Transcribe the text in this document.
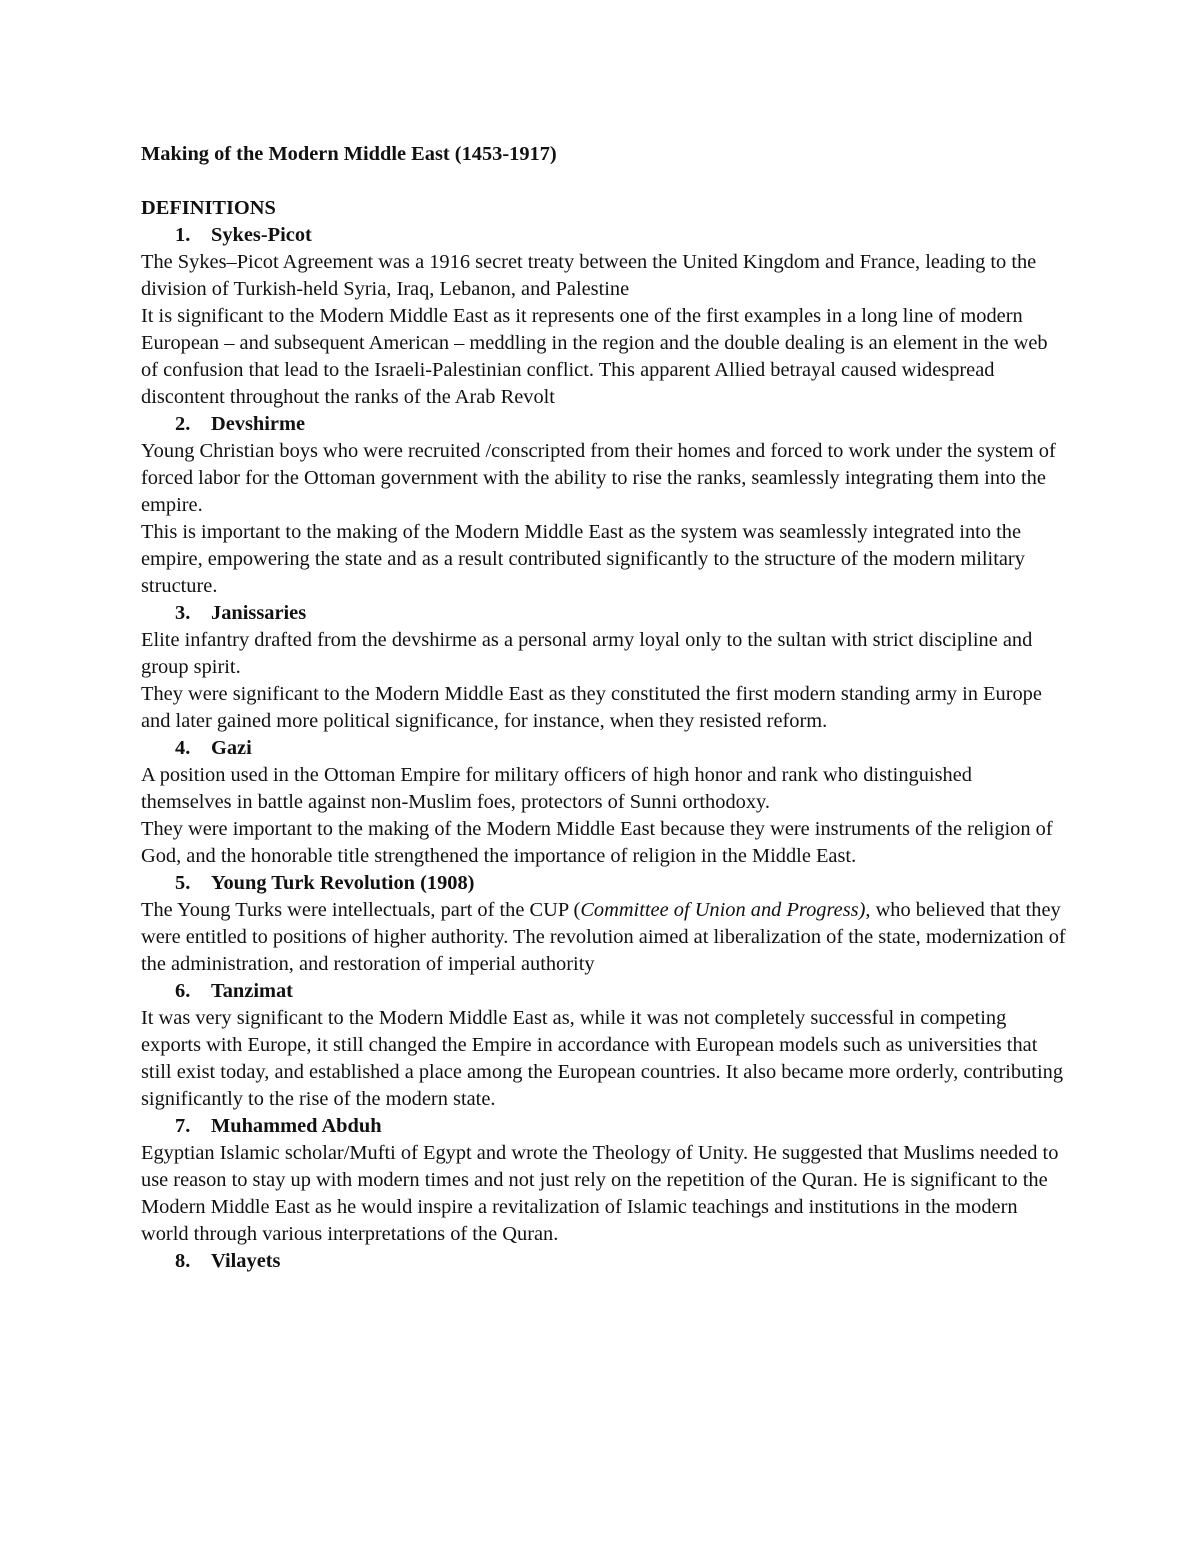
Making of the Modern Middle East (1453-1917)

DEFINITIONS

1. Sykes-Picot

The Sykes–Picot Agreement was a 1916 secret treaty between the United Kingdom and France, leading to the division of Turkish-held Syria, Iraq, Lebanon, and Palestine

It is significant to the Modern Middle East as it represents one of the first examples in a long line of modern European – and subsequent American – meddling in the region and the double dealing is an element in the web of confusion that lead to the Israeli-Palestinian conflict. This apparent Allied betrayal caused widespread discontent throughout the ranks of the Arab Revolt

2. Devshirme

Young Christian boys who were recruited /conscripted from their homes and forced to work under the system of forced labor for the Ottoman government with the ability to rise the ranks, seamlessly integrating them into the empire.

This is important to the making of the Modern Middle East as the system was seamlessly integrated into the empire, empowering the state and as a result contributed significantly to the structure of the modern military structure.

3. Janissaries

Elite infantry drafted from the devshirme as a personal army loyal only to the sultan with strict discipline and group spirit.

They were significant to the Modern Middle East as they constituted the first modern standing army in Europe and later gained more political significance, for instance, when they resisted reform.

4. Gazi

A position used in the Ottoman Empire for military officers of high honor and rank who distinguished themselves in battle against non-Muslim foes, protectors of Sunni orthodoxy.

They were important to the making of the Modern Middle East because they were instruments of the religion of God, and the honorable title strengthened the importance of religion in the Middle East.

5. Young Turk Revolution (1908)

The Young Turks were intellectuals, part of the CUP (Committee of Union and Progress), who believed that they were entitled to positions of higher authority. The revolution aimed at liberalization of the state, modernization of the administration, and restoration of imperial authority

6. Tanzimat

It was very significant to the Modern Middle East as, while it was not completely successful in competing exports with Europe, it still changed the Empire in accordance with European models such as universities that still exist today, and established a place among the European countries. It also became more orderly, contributing significantly to the rise of the modern state.

7. Muhammed Abduh

Egyptian Islamic scholar/Mufti of Egypt and wrote the Theology of Unity. He suggested that Muslims needed to use reason to stay up with modern times and not just rely on the repetition of the Quran. He is significant to the Modern Middle East as he would inspire a revitalization of Islamic teachings and institutions in the modern world through various interpretations of the Quran.

8. Vilayets
